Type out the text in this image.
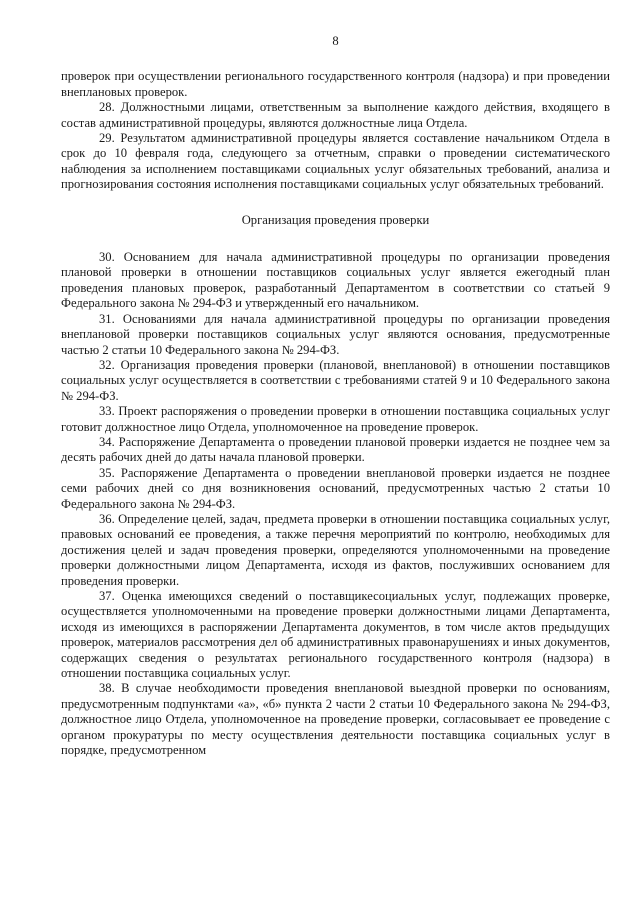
8

проверок при осуществлении регионального государственного контроля (надзора) и при проведении внеплановых проверок.

28. Должностными лицами, ответственным за выполнение каждого действия, входящего в состав административной процедуры, являются должностные лица Отдела.

29. Результатом административной процедуры является составление начальником Отдела в срок до 10 февраля года, следующего за отчетным, справки о проведении систематического наблюдения за исполнением поставщиками социальных услуг обязательных требований, анализа и прогнозирования состояния исполнения поставщиками социальных услуг обязательных требований.

Организация проведения проверки

30. Основанием для начала административной процедуры по организации проведения плановой проверки в отношении поставщиков социальных услуг является ежегодный план проведения плановых проверок, разработанный Департаментом в соответствии со статьей 9 Федерального закона № 294-ФЗ и утвержденный его начальником.

31. Основаниями для начала административной процедуры по организации проведения внеплановой проверки поставщиков социальных услуг являются основания, предусмотренные частью 2 статьи 10 Федерального закона № 294-ФЗ.

32. Организация проведения проверки (плановой, внеплановой) в отношении поставщиков социальных услуг осуществляется в соответствии с требованиями статей 9 и 10 Федерального закона № 294-ФЗ.

33. Проект распоряжения о проведении проверки в отношении поставщика социальных услуг готовит должностное лицо Отдела, уполномоченное на проведение проверок.

34. Распоряжение Департамента о проведении плановой проверки издается не позднее чем за десять рабочих дней до даты начала плановой проверки.

35. Распоряжение Департамента о проведении внеплановой проверки издается не позднее семи рабочих дней со дня возникновения оснований, предусмотренных частью 2 статьи 10 Федерального закона № 294-ФЗ.

36. Определение целей, задач, предмета проверки в отношении поставщика социальных услуг, правовых оснований ее проведения, а также перечня мероприятий по контролю, необходимых для достижения целей и задач проведения проверки, определяются уполномоченными на проведение проверки должностными лицом Департамента, исходя из фактов, послуживших основанием для проведения проверки.

37. Оценка имеющихся сведений о поставщикесоциальных услуг, подлежащих проверке, осуществляется уполномоченными на проведение проверки должностными лицами Департамента, исходя из имеющихся в распоряжении Департамента документов, в том числе актов предыдущих проверок, материалов рассмотрения дел об административных правонарушениях и иных документов, содержащих сведения о результатах регионального государственного контроля (надзора) в отношении поставщика социальных услуг.

38. В случае необходимости проведения внеплановой выездной проверки по основаниям, предусмотренным подпунктами «а», «б» пункта 2 части 2 статьи 10 Федерального закона № 294-ФЗ, должностное лицо Отдела, уполномоченное на проведение проверки, согласовывает ее проведение с органом прокуратуры по месту осуществления деятельности поставщика социальных услуг в порядке, предусмотренном
